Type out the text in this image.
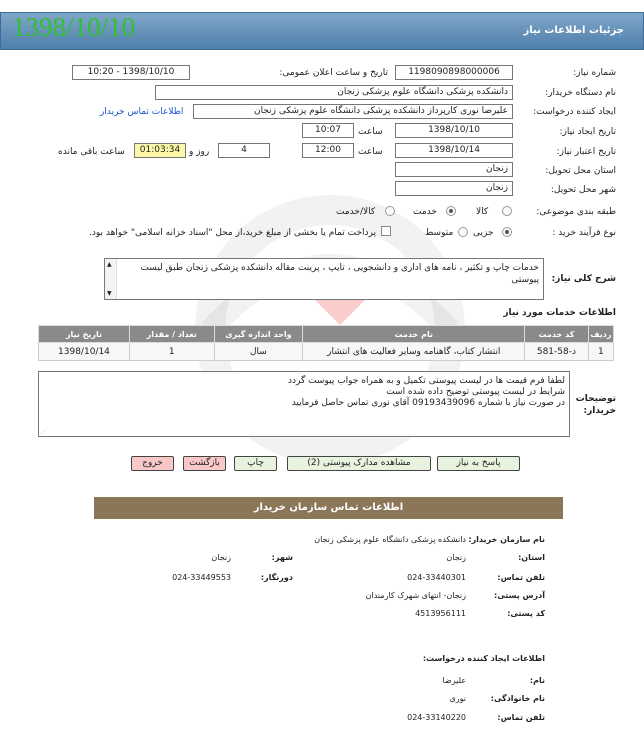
جزئیات اطلاعات نیاز
1398/10/10
شماره نیاز:
1198090898000006
تاریخ و ساعت اعلان عمومی:
1398/10/10 - 10:20
نام دستگاه خریدار:
دانشکده پزشکی دانشگاه علوم پزشکی زنجان
ایجاد کننده درخواست:
علیرضا نوری کارپرداز دانشکده پزشکی دانشگاه علوم پزشکی زنجان
اطلاعات تماس خریدار
تاریخ ایجاد نیاز:
1398/10/10
ساعت
10:07
تاریخ اعتبار نیاز:
1398/10/14
ساعت
12:00
4
روز و
01:03:34
ساعت باقی مانده
استان محل تحویل:
زنجان
شهر محل تحویل:
زنجان
طبقه بندی موضوعی:
کالا
خدمت
کالا/خدمت
نوع فرآیند خرید :
جزیی
متوسط
پرداخت تمام یا بخشی از مبلغ خرید،از محل "اسناد خزانه اسلامی" خواهد بود.
شرح کلی نیاز:
خدمات چاپ و تکثیر ، نامه های اداری و دانشجویی ، تایپ ، پرینت مقاله دانشکده پزشکی زنجان طبق لیست پیوستی
▲
▼
اطلاعات خدمات مورد نیاز
ردیف	کد خدمت	نام خدمت	واحد اندازه گیری	تعداد / مقدار	تاریخ نیاز
1	د-58-581	انتشار کتاب، گاهنامه وسایر فعالیت های انتشار	سال	1	1398/10/14
توضیحات خریدار:
لطفا فرم قیمت ها در لیست پیوستی تکمیل و به همراه جواب پیوست گردد
شرایط در لیست پیوستی توضیح داده شده است
در صورت نیاز با شماره 09193439096 آقای نوری تماس حاصل فرمایید
⋰
پاسخ به نیاز
مشاهده مدارک پیوستی (2)
چاپ
بازگشت
خروج
اطلاعات تماس سازمان خریدار
نام سازمان خریدار:
دانشکده پزشکی دانشگاه علوم پزشکی زنجان
استان:
زنجان
شهر:
زنجان
تلفن تماس:
024-33440301
دورنگار:
024-33449553
آدرس پستی:
زنجان- انتهای شهرک کارمندان
کد پستی:
4513956111
اطلاعات ایجاد کننده درخواست:
نام:
علیرضا
نام خانوادگی:
نوری
تلفن تماس:
024-33140220
